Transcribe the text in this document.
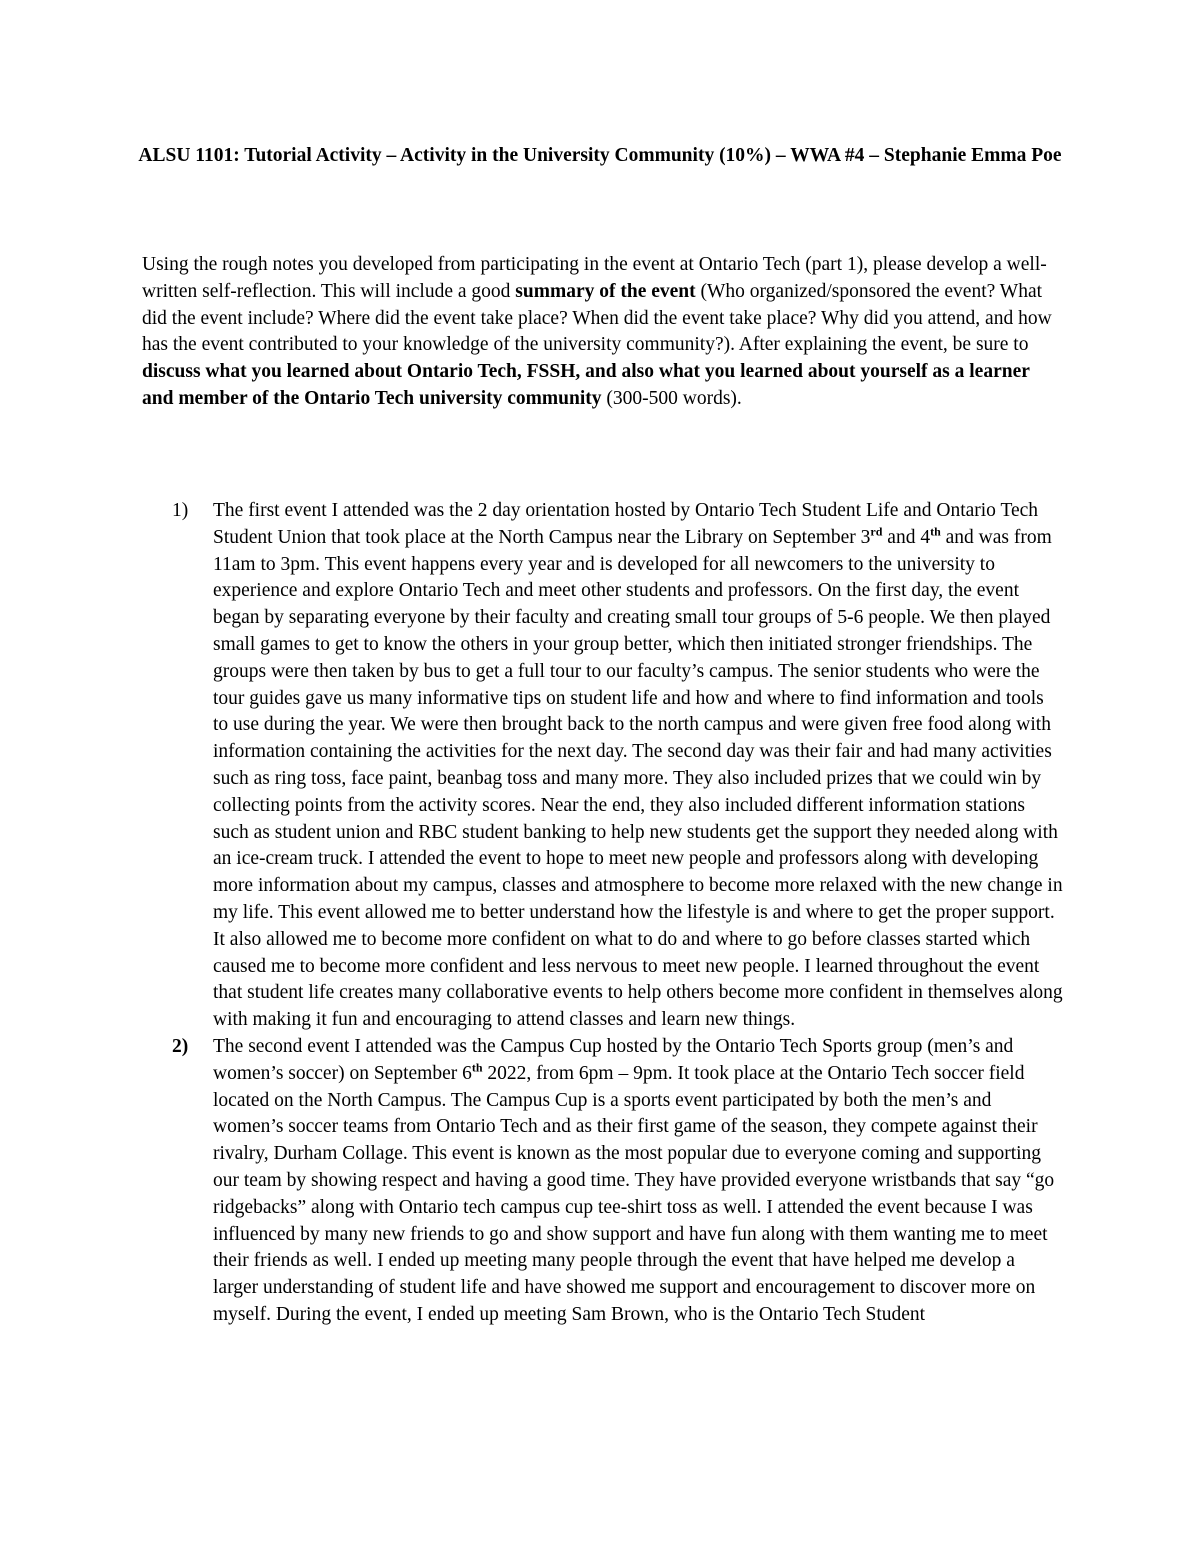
ALSU 1101: Tutorial Activity – Activity in the University Community (10%) – WWA #4 – Stephanie Emma Poe
Using the rough notes you developed from participating in the event at Ontario Tech (part 1), please develop a well-written self-reflection. This will include a good summary of the event (Who organized/sponsored the event? What did the event include? Where did the event take place? When did the event take place? Why did you attend, and how has the event contributed to your knowledge of the university community?). After explaining the event, be sure to discuss what you learned about Ontario Tech, FSSH, and also what you learned about yourself as a learner and member of the Ontario Tech university community (300-500 words).
1) The first event I attended was the 2 day orientation hosted by Ontario Tech Student Life and Ontario Tech Student Union that took place at the North Campus near the Library on September 3rd and 4th and was from 11am to 3pm. This event happens every year and is developed for all newcomers to the university to experience and explore Ontario Tech and meet other students and professors. On the first day, the event began by separating everyone by their faculty and creating small tour groups of 5-6 people. We then played small games to get to know the others in your group better, which then initiated stronger friendships. The groups were then taken by bus to get a full tour to our faculty’s campus. The senior students who were the tour guides gave us many informative tips on student life and how and where to find information and tools to use during the year. We were then brought back to the north campus and were given free food along with information containing the activities for the next day. The second day was their fair and had many activities such as ring toss, face paint, beanbag toss and many more. They also included prizes that we could win by collecting points from the activity scores. Near the end, they also included different information stations such as student union and RBC student banking to help new students get the support they needed along with an ice-cream truck. I attended the event to hope to meet new people and professors along with developing more information about my campus, classes and atmosphere to become more relaxed with the new change in my life. This event allowed me to better understand how the lifestyle is and where to get the proper support. It also allowed me to become more confident on what to do and where to go before classes started which caused me to become more confident and less nervous to meet new people. I learned throughout the event that student life creates many collaborative events to help others become more confident in themselves along with making it fun and encouraging to attend classes and learn new things.
2) The second event I attended was the Campus Cup hosted by the Ontario Tech Sports group (men’s and women’s soccer) on September 6th 2022, from 6pm – 9pm. It took place at the Ontario Tech soccer field located on the North Campus. The Campus Cup is a sports event participated by both the men’s and women’s soccer teams from Ontario Tech and as their first game of the season, they compete against their rivalry, Durham Collage. This event is known as the most popular due to everyone coming and supporting our team by showing respect and having a good time. They have provided everyone wristbands that say “go ridgebacks” along with Ontario tech campus cup tee-shirt toss as well. I attended the event because I was influenced by many new friends to go and show support and have fun along with them wanting me to meet their friends as well. I ended up meeting many people through the event that have helped me develop a larger understanding of student life and have showed me support and encouragement to discover more on myself. During the event, I ended up meeting Sam Brown, who is the Ontario Tech Student
